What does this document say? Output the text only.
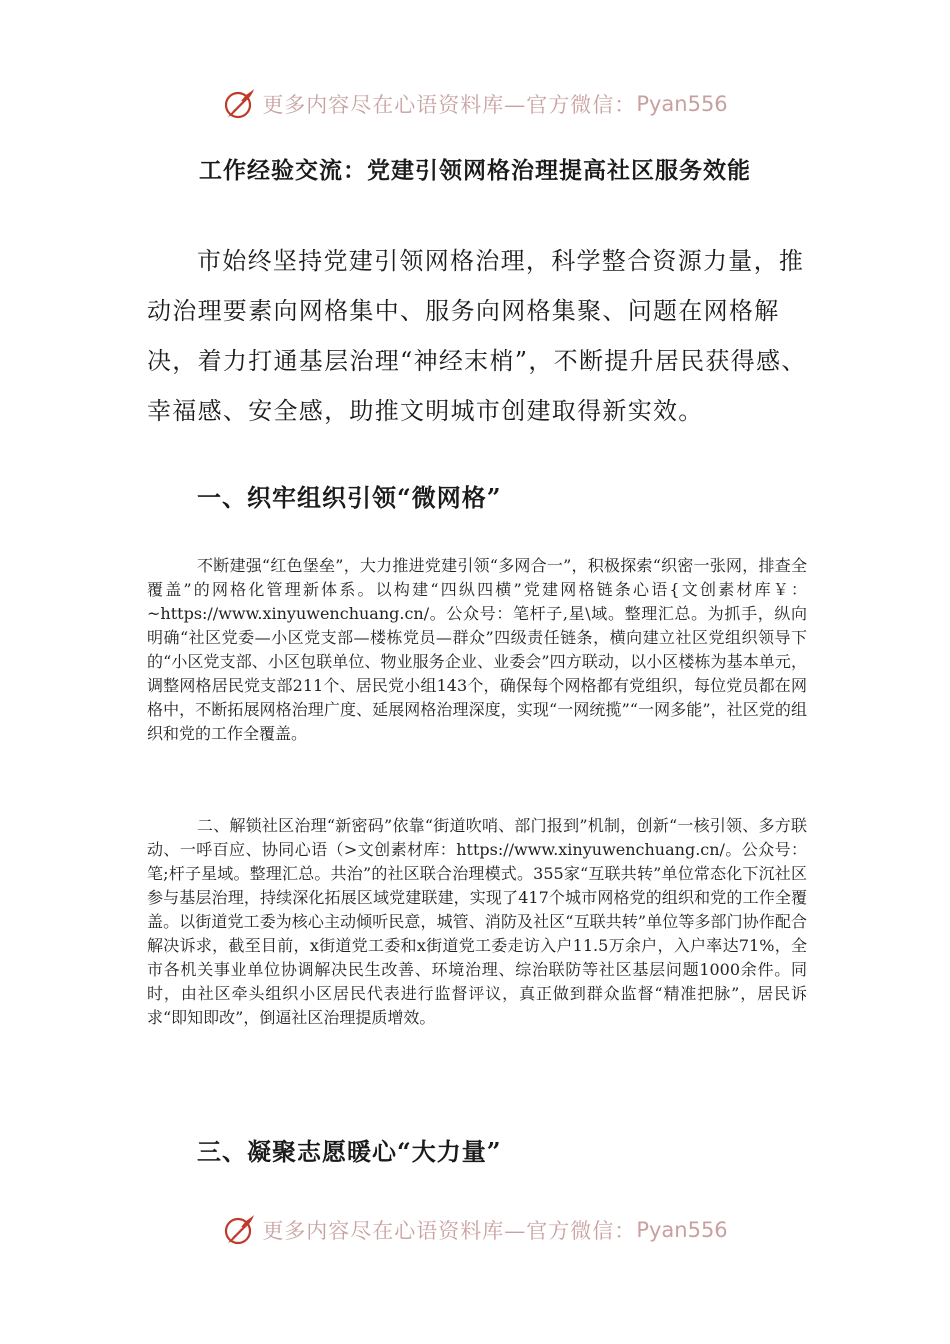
更多内容尽在心语资料库—官方微信： Pyan556
工作经验交流：党建引领网格治理提高社区服务效能

市始终坚持党建引领网格治理，科学整合资源力量，推动治理要素向网格集中、服务向网格集聚、问题在网格解决，着力打通基层治理“神经末梢”，不断提升居民获得感、幸福感、安全感，助推文明城市创建取得新实效。

一、织牢组织引领“微网格”

不断建强“红色堡垒”，大力推进党建引领“多网合一”，积极探索“织密一张网，排查全覆盖”的网格化管理新体系。以构建“四纵四横”党建网格链条心语{文创素材库￥：~https://www.xinyuwenchuang.cn/。公众号：笔杆子,星\域。整理汇总。为抓手，纵向明确“社区党委—小区党支部—楼栋党员—群众”四级责任链条，横向建立社区党组织领导下的“小区党支部、小区包联单位、物业服务企业、业委会”四方联动，以小区楼栋为基本单元，调整网格居民党支部211个、居民党小组143个，确保每个网格都有党组织，每位党员都在网格中，不断拓展网格治理广度、延展网格治理深度，实现“一网统揽”“一网多能”，社区党的组织和党的工作全覆盖。

二、解锁社区治理“新密码”依靠“街道吹哨、部门报到”机制，创新“一核引领、多方联动、一呼百应、协同心语（>文创素材库：https://www.xinyuwenchuang.cn/。公众号：笔;杆子星域。整理汇总。共治”的社区联合治理模式。355家“互联共转”单位常态化下沉社区参与基层治理，持续深化拓展区域党建联建，实现了417个城市网格党的组织和党的工作全覆盖。以街道党工委为核心主动倾听民意，城管、消防及社区“互联共转”单位等多部门协作配合解决诉求，截至目前，x街道党工委和x街道党工委走访入户11.5万余户，入户率达71%，全市各机关事业单位协调解决民生改善、环境治理、综治联防等社区基层问题1000余件。同时，由社区牵头组织小区居民代表进行监督评议，真正做到群众监督“精准把脉”，居民诉求“即知即改”，倒逼社区治理提质增效。

三、凝聚志愿暖心“大力量”
更多内容尽在心语资料库—官方微信： Pyan556
